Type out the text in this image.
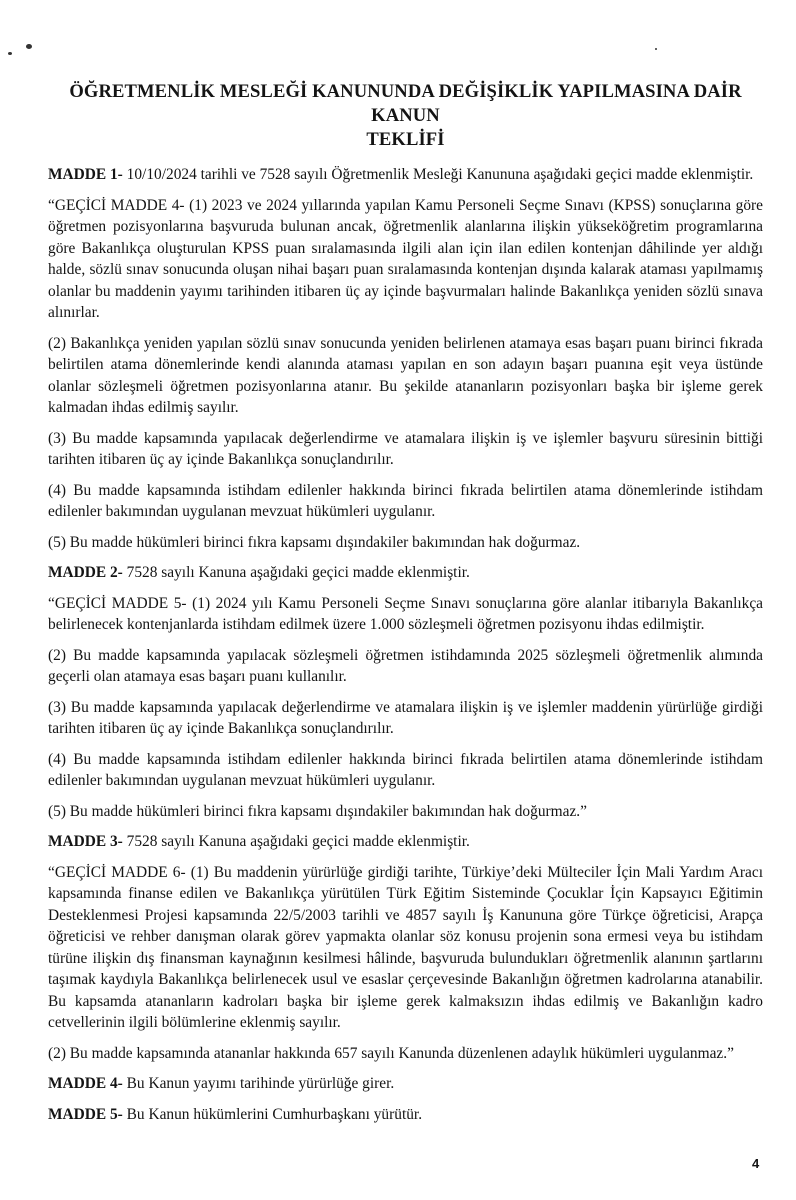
ÖĞRETMENLİK MESLEĞİ KANUNUNDA DEĞİŞİKLİK YAPILMASINA DAİR KANUN
TEKLİFİ

MADDE 1- 10/10/2024 tarihli ve 7528 sayılı Öğretmenlik Mesleği Kanununa aşağıdaki geçici madde eklenmiştir.

“GEÇİCİ MADDE 4- (1) 2023 ve 2024 yıllarında yapılan Kamu Personeli Seçme Sınavı (KPSS) sonuçlarına göre öğretmen pozisyonlarına başvuruda bulunan ancak, öğretmenlik alanlarına ilişkin yükseköğretim programlarına göre Bakanlıkça oluşturulan KPSS puan sıralamasında ilgili alan için ilan edilen kontenjan dâhilinde yer aldığı halde, sözlü sınav sonucunda oluşan nihai başarı puan sıralamasında kontenjan dışında kalarak ataması yapılmamış olanlar bu maddenin yayımı tarihinden itibaren üç ay içinde başvurmaları halinde Bakanlıkça yeniden sözlü sınava alınırlar.

(2) Bakanlıkça yeniden yapılan sözlü sınav sonucunda yeniden belirlenen atamaya esas başarı puanı birinci fıkrada belirtilen atama dönemlerinde kendi alanında ataması yapılan en son adayın başarı puanına eşit veya üstünde olanlar sözleşmeli öğretmen pozisyonlarına atanır. Bu şekilde atananların pozisyonları başka bir işleme gerek kalmadan ihdas edilmiş sayılır.

(3) Bu madde kapsamında yapılacak değerlendirme ve atamalara ilişkin iş ve işlemler başvuru süresinin bittiği tarihten itibaren üç ay içinde Bakanlıkça sonuçlandırılır.

(4) Bu madde kapsamında istihdam edilenler hakkında birinci fıkrada belirtilen atama dönemlerinde istihdam edilenler bakımından uygulanan mevzuat hükümleri uygulanır.

(5) Bu madde hükümleri birinci fıkra kapsamı dışındakiler bakımından hak doğurmaz.

MADDE 2- 7528 sayılı Kanuna aşağıdaki geçici madde eklenmiştir.

“GEÇİCİ MADDE 5- (1) 2024 yılı Kamu Personeli Seçme Sınavı sonuçlarına göre alanlar itibarıyla Bakanlıkça belirlenecek kontenjanlarda istihdam edilmek üzere 1.000 sözleşmeli öğretmen pozisyonu ihdas edilmiştir.

(2) Bu madde kapsamında yapılacak sözleşmeli öğretmen istihdamında 2025 sözleşmeli öğretmenlik alımında geçerli olan atamaya esas başarı puanı kullanılır.

(3) Bu madde kapsamında yapılacak değerlendirme ve atamalara ilişkin iş ve işlemler maddenin yürürlüğe girdiği tarihten itibaren üç ay içinde Bakanlıkça sonuçlandırılır.

(4) Bu madde kapsamında istihdam edilenler hakkında birinci fıkrada belirtilen atama dönemlerinde istihdam edilenler bakımından uygulanan mevzuat hükümleri uygulanır.

(5) Bu madde hükümleri birinci fıkra kapsamı dışındakiler bakımından hak doğurmaz.”

MADDE 3- 7528 sayılı Kanuna aşağıdaki geçici madde eklenmiştir.

“GEÇİCİ MADDE 6- (1) Bu maddenin yürürlüğe girdiği tarihte, Türkiye’deki Mülteciler İçin Mali Yardım Aracı kapsamında finanse edilen ve Bakanlıkça yürütülen Türk Eğitim Sisteminde Çocuklar İçin Kapsayıcı Eğitimin Desteklenmesi Projesi kapsamında 22/5/2003 tarihli ve 4857 sayılı İş Kanununa göre Türkçe öğreticisi, Arapça öğreticisi ve rehber danışman olarak görev yapmakta olanlar söz konusu projenin sona ermesi veya bu istihdam türüne ilişkin dış finansman kaynağının kesilmesi hâlinde, başvuruda bulundukları öğretmenlik alanının şartlarını taşımak kaydıyla Bakanlıkça belirlenecek usul ve esaslar çerçevesinde Bakanlığın öğretmen kadrolarına atanabilir. Bu kapsamda atananların kadroları başka bir işleme gerek kalmaksızın ihdas edilmiş ve Bakanlığın kadro cetvellerinin ilgili bölümlerine eklenmiş sayılır.

(2) Bu madde kapsamında atananlar hakkında 657 sayılı Kanunda düzenlenen adaylık hükümleri uygulanmaz.”

MADDE 4- Bu Kanun yayımı tarihinde yürürlüğe girer.

MADDE 5- Bu Kanun hükümlerini Cumhurbaşkanı yürütür.

4
